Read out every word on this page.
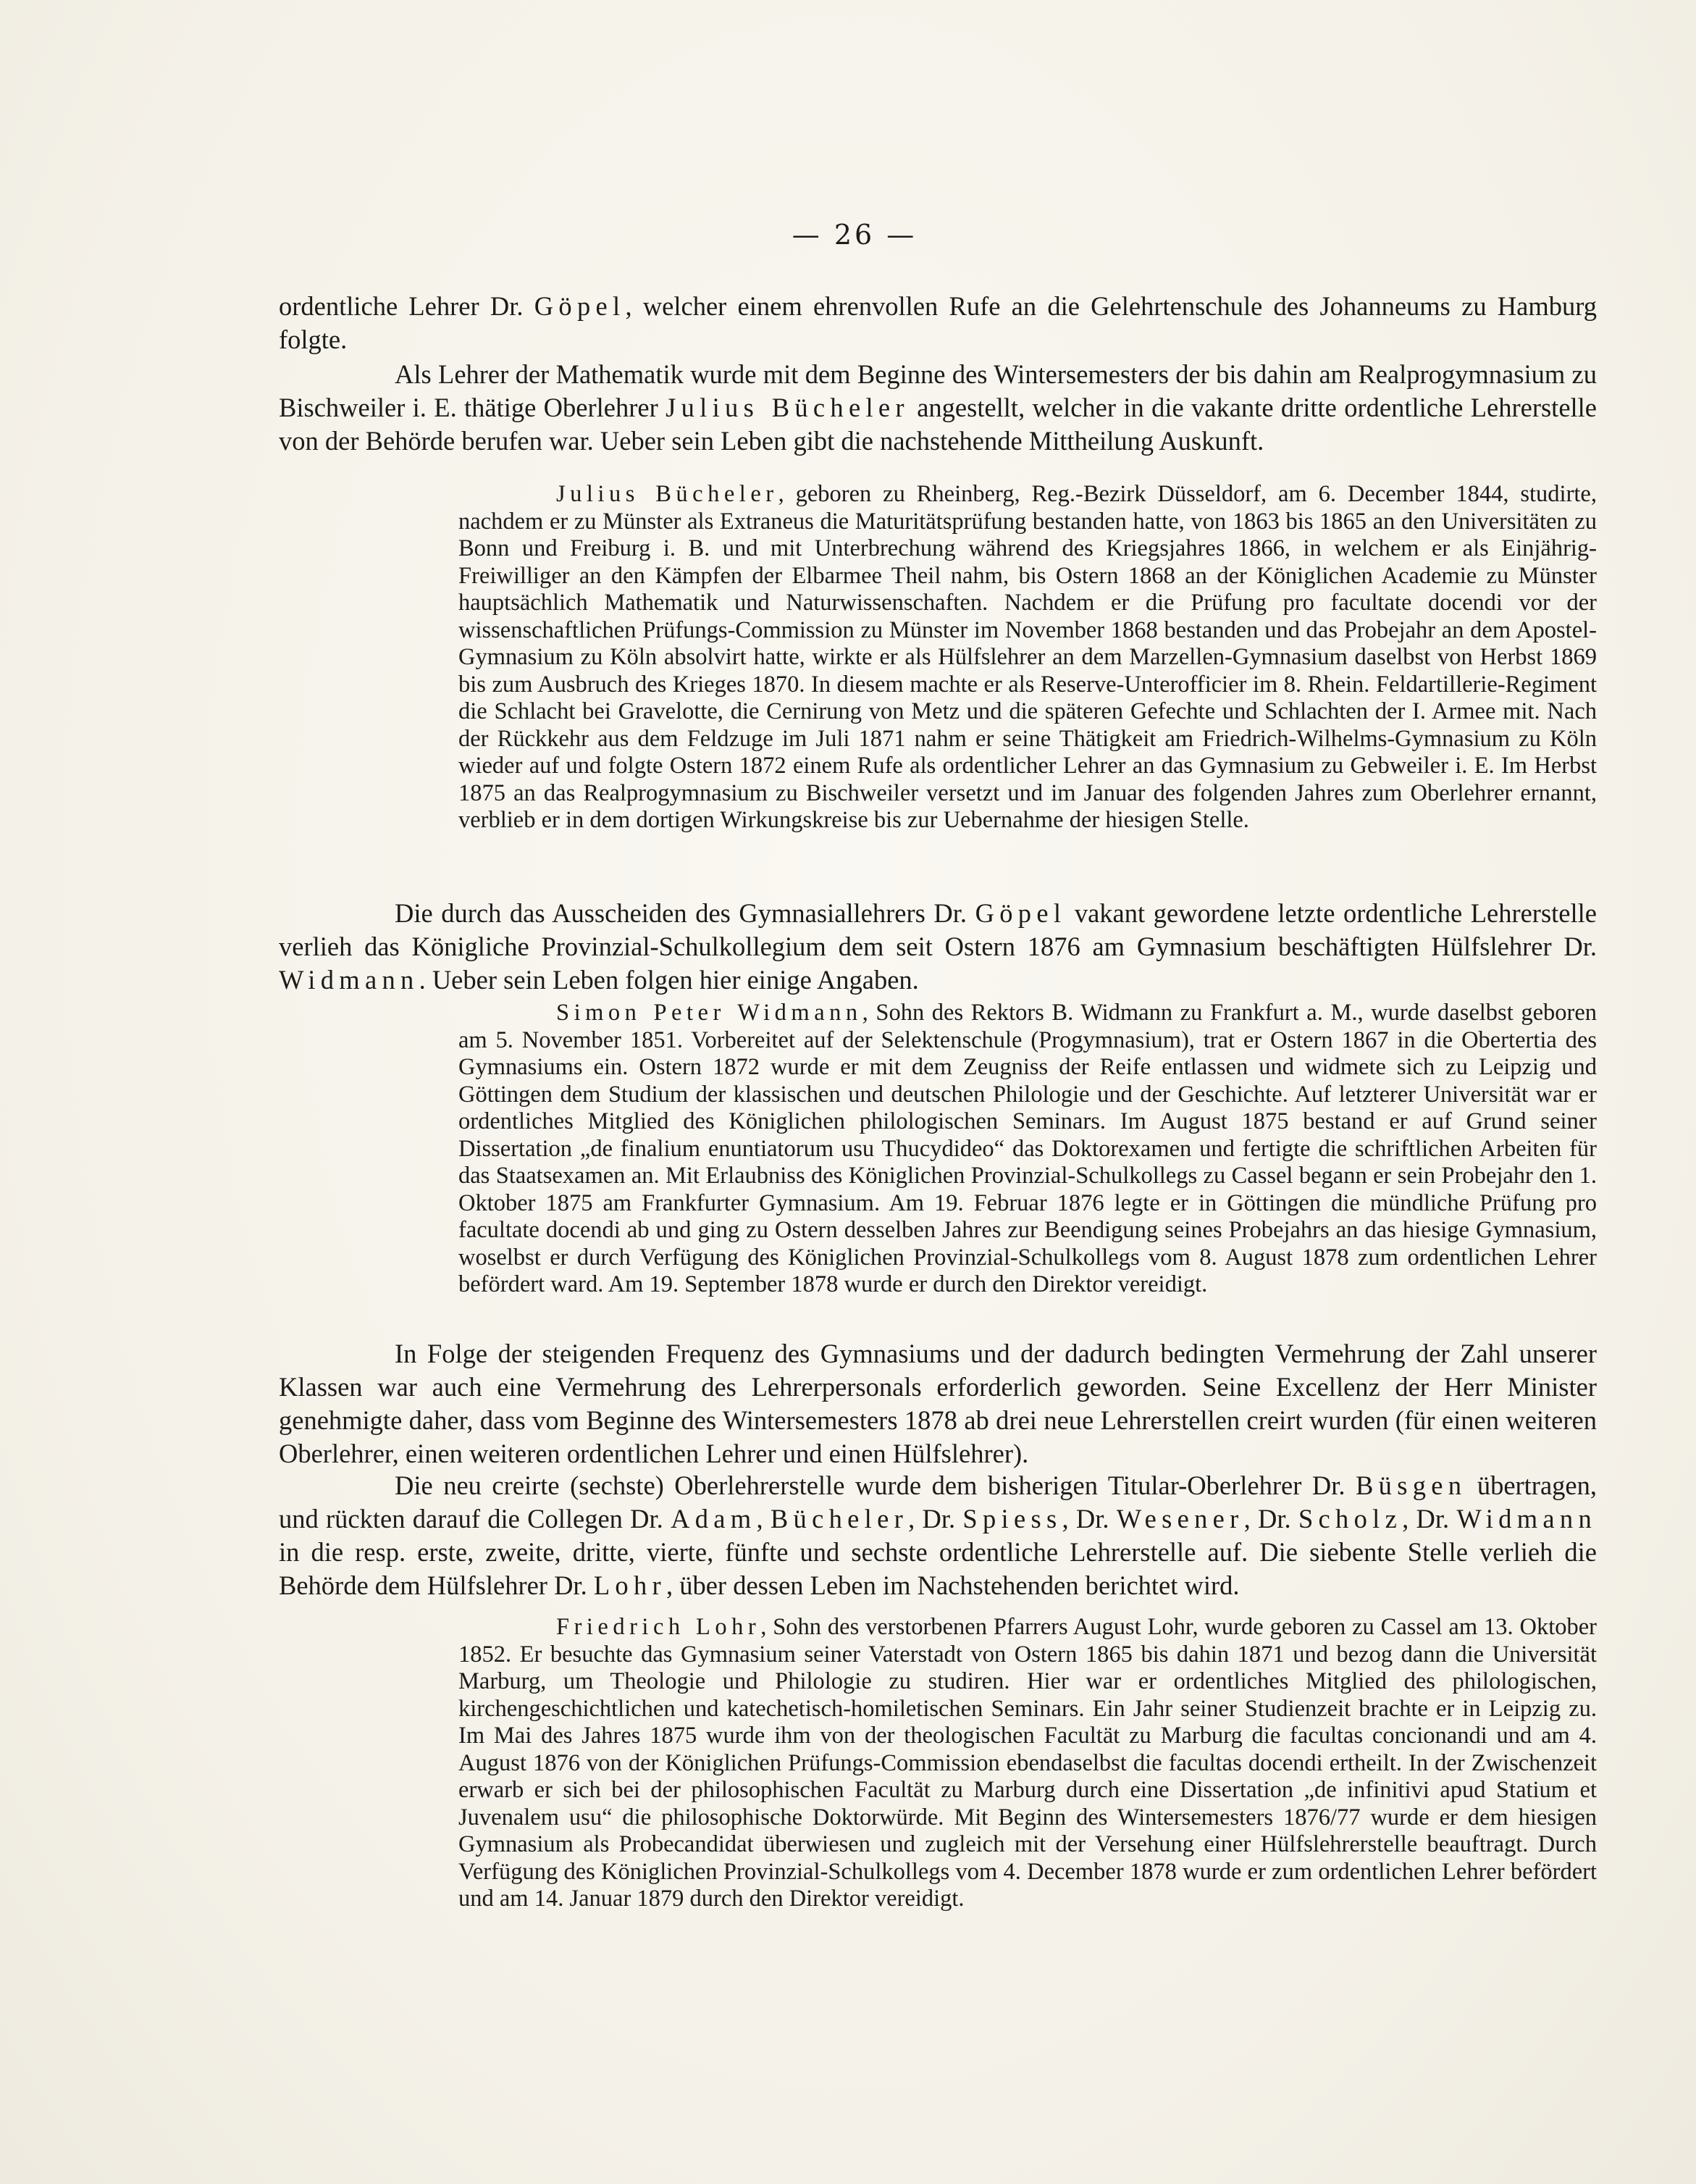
— 26 —

ordentliche Lehrer Dr. Göpel, welcher einem ehrenvollen Rufe an die Gelehrtenschule des Johanneums zu Hamburg folgte.

Als Lehrer der Mathematik wurde mit dem Beginne des Wintersemesters der bis dahin am Realprogymnasium zu Bischweiler i. E. thätige Oberlehrer Julius Bücheler angestellt, welcher in die vakante dritte ordentliche Lehrerstelle von der Behörde berufen war. Ueber sein Leben gibt die nachstehende Mittheilung Auskunft.

Julius Bücheler, geboren zu Rheinberg, Reg.-Bezirk Düsseldorf, am 6. December 1844, studirte, nachdem er zu Münster als Extraneus die Maturitätsprüfung bestanden hatte, von 1863 bis 1865 an den Universitäten zu Bonn und Freiburg i. B. und mit Unterbrechung während des Kriegsjahres 1866, in welchem er als Einjährig-Freiwilliger an den Kämpfen der Elbarmee Theil nahm, bis Ostern 1868 an der Königlichen Academie zu Münster hauptsächlich Mathematik und Naturwissenschaften. Nachdem er die Prüfung pro facultate docendi vor der wissenschaftlichen Prüfungs-Commission zu Münster im November 1868 bestanden und das Probejahr an dem Apostel-Gymnasium zu Köln absolvirt hatte, wirkte er als Hülfslehrer an dem Marzellen-Gymnasium daselbst von Herbst 1869 bis zum Ausbruch des Krieges 1870. In diesem machte er als Reserve-Unterofficier im 8. Rhein. Feldartillerie-Regiment die Schlacht bei Gravelotte, die Cernirung von Metz und die späteren Gefechte und Schlachten der I. Armee mit. Nach der Rückkehr aus dem Feldzuge im Juli 1871 nahm er seine Thätigkeit am Friedrich-Wilhelms-Gymnasium zu Köln wieder auf und folgte Ostern 1872 einem Rufe als ordentlicher Lehrer an das Gymnasium zu Gebweiler i. E. Im Herbst 1875 an das Realprogymnasium zu Bischweiler versetzt und im Januar des folgenden Jahres zum Oberlehrer ernannt, verblieb er in dem dortigen Wirkungskreise bis zur Uebernahme der hiesigen Stelle.

Die durch das Ausscheiden des Gymnasiallehrers Dr. Göpel vakant gewordene letzte ordentliche Lehrerstelle verlieh das Königliche Provinzial-Schulkollegium dem seit Ostern 1876 am Gymnasium beschäftigten Hülfslehrer Dr. Widmann. Ueber sein Leben folgen hier einige Angaben.

Simon Peter Widmann, Sohn des Rektors B. Widmann zu Frankfurt a. M., wurde daselbst geboren am 5. November 1851. Vorbereitet auf der Selektenschule (Progymnasium), trat er Ostern 1867 in die Obertertia des Gymnasiums ein. Ostern 1872 wurde er mit dem Zeugniss der Reife entlassen und widmete sich zu Leipzig und Göttingen dem Studium der klassischen und deutschen Philologie und der Geschichte. Auf letzterer Universität war er ordentliches Mitglied des Königlichen philologischen Seminars. Im August 1875 bestand er auf Grund seiner Dissertation „de finalium enuntiatorum usu Thucydideo“ das Doktorexamen und fertigte die schriftlichen Arbeiten für das Staatsexamen an. Mit Erlaubniss des Königlichen Provinzial-Schulkollegs zu Cassel begann er sein Probejahr den 1. Oktober 1875 am Frankfurter Gymnasium. Am 19. Februar 1876 legte er in Göttingen die mündliche Prüfung pro facultate docendi ab und ging zu Ostern desselben Jahres zur Beendigung seines Probejahrs an das hiesige Gymnasium, woselbst er durch Verfügung des Königlichen Provinzial-Schulkollegs vom 8. August 1878 zum ordentlichen Lehrer befördert ward. Am 19. September 1878 wurde er durch den Direktor vereidigt.

In Folge der steigenden Frequenz des Gymnasiums und der dadurch bedingten Vermehrung der Zahl unserer Klassen war auch eine Vermehrung des Lehrerpersonals erforderlich geworden. Seine Excellenz der Herr Minister genehmigte daher, dass vom Beginne des Wintersemesters 1878 ab drei neue Lehrerstellen creirt wurden (für einen weiteren Oberlehrer, einen weiteren ordentlichen Lehrer und einen Hülfslehrer).

Die neu creirte (sechste) Oberlehrerstelle wurde dem bisherigen Titular-Oberlehrer Dr. Büsgen übertragen, und rückten darauf die Collegen Dr. Adam, Bücheler, Dr. Spiess, Dr. Wesener, Dr. Scholz, Dr. Widmann in die resp. erste, zweite, dritte, vierte, fünfte und sechste ordentliche Lehrerstelle auf. Die siebente Stelle verlieh die Behörde dem Hülfslehrer Dr. Lohr, über dessen Leben im Nachstehenden berichtet wird.

Friedrich Lohr, Sohn des verstorbenen Pfarrers August Lohr, wurde geboren zu Cassel am 13. Oktober 1852. Er besuchte das Gymnasium seiner Vaterstadt von Ostern 1865 bis dahin 1871 und bezog dann die Universität Marburg, um Theologie und Philologie zu studiren. Hier war er ordentliches Mitglied des philologischen, kirchengeschichtlichen und katechetisch-homiletischen Seminars. Ein Jahr seiner Studienzeit brachte er in Leipzig zu. Im Mai des Jahres 1875 wurde ihm von der theologischen Facultät zu Marburg die facultas concionandi und am 4. August 1876 von der Königlichen Prüfungs-Commission ebendaselbst die facultas docendi ertheilt. In der Zwischenzeit erwarb er sich bei der philosophischen Facultät zu Marburg durch eine Dissertation „de infinitivi apud Statium et Juvenalem usu“ die philosophische Doktorwürde. Mit Beginn des Wintersemesters 1876/77 wurde er dem hiesigen Gymnasium als Probecandidat überwiesen und zugleich mit der Versehung einer Hülfslehrerstelle beauftragt. Durch Verfügung des Königlichen Provinzial-Schulkollegs vom 4. December 1878 wurde er zum ordentlichen Lehrer befördert und am 14. Januar 1879 durch den Direktor vereidigt.
